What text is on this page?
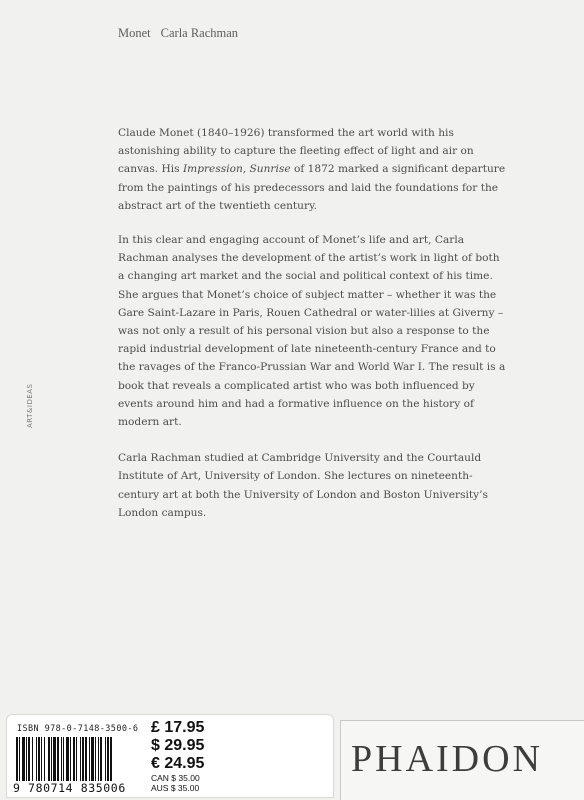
Monet Carla Rachman
ART&IDEAS

Claude Monet (1840–1926) transformed the art world with his astonishing ability to capture the fleeting effect of light and air on canvas. His Impression, Sunrise of 1872 marked a significant departure from the paintings of his predecessors and laid the foundations for the abstract art of the twentieth century.

In this clear and engaging account of Monet’s life and art, Carla Rachman analyses the development of the artist’s work in light of both a changing art market and the social and political context of his time. She argues that Monet’s choice of subject matter – whether it was the Gare Saint-Lazare in Paris, Rouen Cathedral or water-lilies at Giverny – was not only a result of his personal vision but also a response to the rapid industrial development of late nineteenth-century France and to the ravages of the Franco-Prussian War and World War I. The result is a book that reveals a complicated artist who was both influenced by events around him and had a formative influence on the history of modern art.

Carla Rachman studied at Cambridge University and the Courtauld Institute of Art, University of London. She lectures on nineteenth-century art at both the University of London and Boston University’s London campus.

ISBN 978-0-7148-3500-6
9 780714 835006
£ 17.95
$ 29.95
€ 24.95
CAN $ 35.00
AUS $ 35.00
PHAIDON
